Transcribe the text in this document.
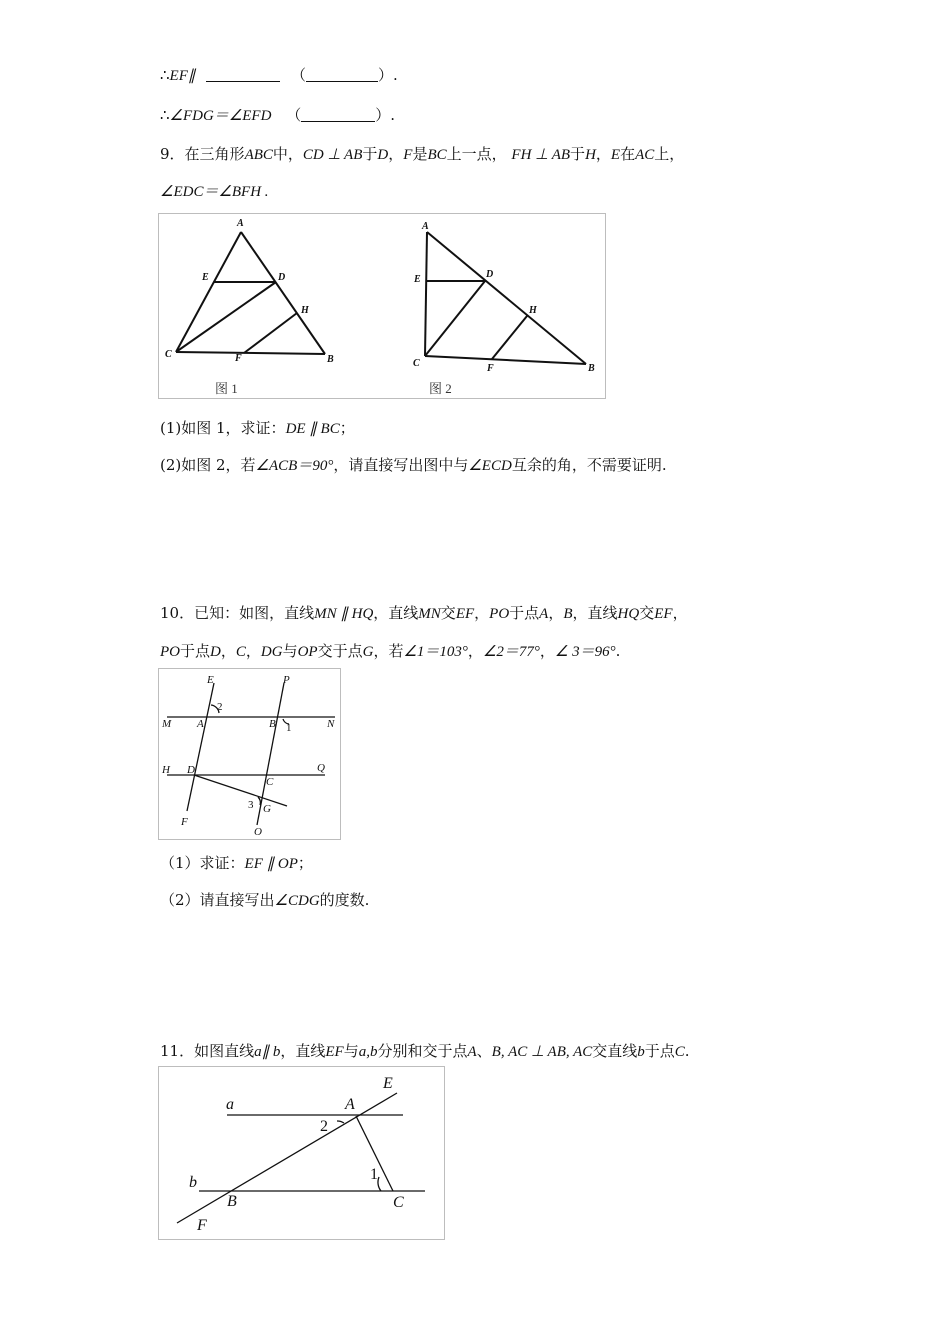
∴EF∥	（	）.
∴∠FDG＝∠EFD （	）.
9．在三角形ABC中，CD ⊥ AB于D，F是BC上一点， FH ⊥ AB于H，E在AC上，
∠EDC＝∠BFH .
A
E	D
H
C	F	B
A
E	D
H
C	F	B
图 1	图 2
(1)如图 1，求证：DE ∥ BC；
(2)如图 2，若∠ACB＝90°，请直接写出图中与∠ECD互余的角，不需要证明.
10．已知：如图，直线MN ∥ HQ，直线MN交EF，PO于点A，B，直线HQ交EF，
PO于点D，C，DG与OP交于点G，若∠1＝103°，∠2＝77°，∠ 3＝96°.
E	P
2
M A	B 1	N
H D
C
Q
3 G
F
O
（1）求证：EF ∥ OP；
（2）请直接写出∠CDG的度数.
11．如图直线a∥ b，直线EF与a,b分别和交于点A、B, AC ⊥ AB, AC交直线b于点C.
E
a	A
2
1
b
B	C
F
